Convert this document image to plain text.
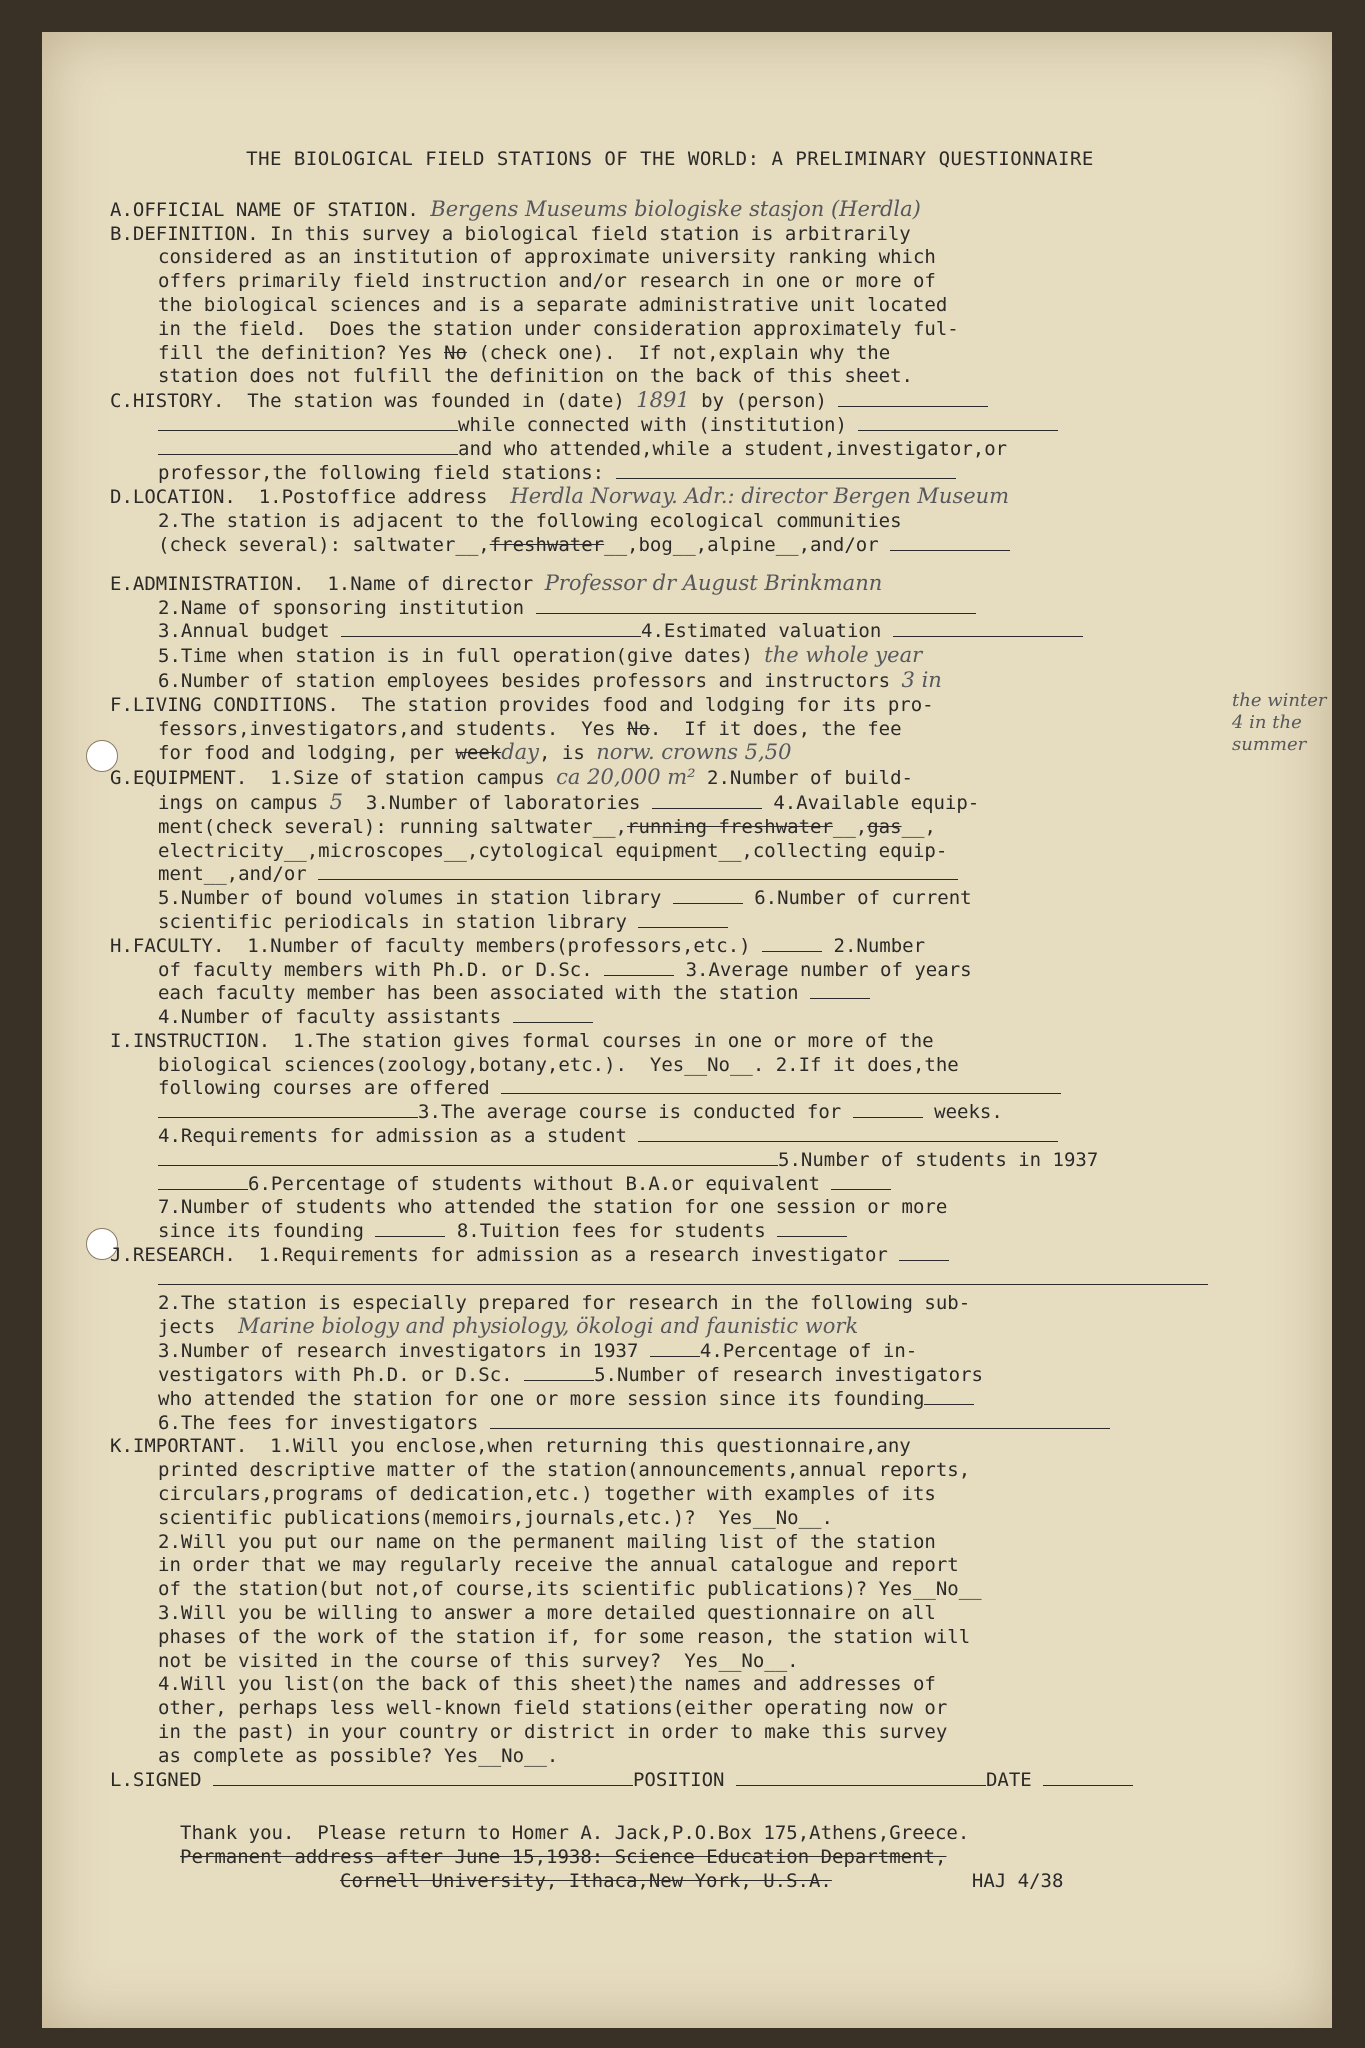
THE BIOLOGICAL FIELD STATIONS OF THE WORLD: A PRELIMINARY QUESTIONNAIRE
A.OFFICIAL NAME OF STATION. Bergens Museums biologiske stasjon (Herdla)
B.DEFINITION. In this survey a biological field station is arbitrarily
considered as an institution of approximate university ranking which
offers primarily field instruction and/or research in one or more of
the biological sciences and is a separate administrative unit located
in the field.  Does the station under consideration approximately ful-
fill the definition? Yes No (check one).  If not,explain why the
station does not fulfill the definition on the back of this sheet.
C.HISTORY.  The station was founded in (date) 1891 by (person)
while connected with (institution)
and who attended,while a student,investigator,or
professor,the following field stations:
D.LOCATION.  1.Postoffice address Herdla Norway. Adr.: director Bergen Museum
2.The station is adjacent to the following ecological communities
(check several): saltwater__,freshwater__,bog__,alpine__,and/or
E.ADMINISTRATION.  1.Name of director Professor dr August Brinkmann
2.Name of sponsoring institution
3.Annual budget	4.Estimated valuation
5.Time when station is in full operation(give dates) the whole year
6.Number of station employees besides professors and instructors 3 in
F.LIVING CONDITIONS.  The station provides food and lodging for its pro-
fessors,investigators,and students.  Yes No.  If it does, the fee
for food and lodging, per weekday, is norw. crowns 5,50
G.EQUIPMENT.  1.Size of station campus ca 20,000 m² 2.Number of build-
ings on campus 5 3.Number of laboratories	4.Available equip-
ment(check several): running saltwater__,running freshwater__,gas__,
electricity__,microscopes__,cytological equipment__,collecting equip-
ment__,and/or
5.Number of bound volumes in station library	6.Number of current
scientific periodicals in station library
H.FACULTY.  1.Number of faculty members(professors,etc.)	2.Number
of faculty members with Ph.D. or D.Sc.	3.Average number of years
each faculty member has been associated with the station
4.Number of faculty assistants
I.INSTRUCTION.  1.The station gives formal courses in one or more of the
biological sciences(zoology,botany,etc.).  Yes__No__. 2.If it does,the
following courses are offered
3.The average course is conducted for	weeks.
4.Requirements for admission as a student
5.Number of students in 1937
6.Percentage of students without B.A.or equivalent
7.Number of students who attended the station for one session or more
since its founding	8.Tuition fees for students
J.RESEARCH.  1.Requirements for admission as a research investigator
2.The station is especially prepared for research in the following sub-
jects Marine biology and physiology, ökologi and faunistic work
3.Number of research investigators in 1937	4.Percentage of in-
vestigators with Ph.D. or D.Sc.	5.Number of research investigators
who attended the station for one or more session since its founding
6.The fees for investigators
K.IMPORTANT.  1.Will you enclose,when returning this questionnaire,any
printed descriptive matter of the station(announcements,annual reports,
circulars,programs of dedication,etc.) together with examples of its
scientific publications(memoirs,journals,etc.)?  Yes__No__.
2.Will you put our name on the permanent mailing list of the station
in order that we may regularly receive the annual catalogue and report
of the station(but not,of course,its scientific publications)? Yes__No__
3.Will you be willing to answer a more detailed questionnaire on all
phases of the work of the station if, for some reason, the station will
not be visited in the course of this survey?  Yes__No__.
4.Will you list(on the back of this sheet)the names and addresses of
other, perhaps less well-known field stations(either operating now or
in the past) in your country or district in order to make this survey
as complete as possible? Yes__No__.
L.SIGNED	POSITION	DATE
Thank you.  Please return to Homer A. Jack,P.O.Box 175,Athens,Greece.
Permanent address after June 15,1938: Science Education Department,
Cornell University, Ithaca,New York, U.S.A.	HAJ 4/38
the winter 4 in the summer
